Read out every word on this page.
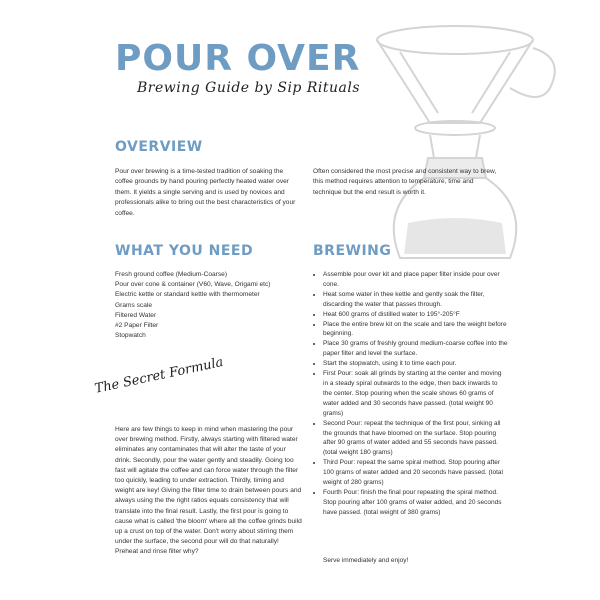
POUR OVER

Brewing Guide by Sip Rituals

OVERVIEW

Pour over brewing is a time-tested tradition of soaking the coffee grounds by hand pouring perfectly heated water over them. It yields a single serving and is used by novices and professionals alike to bring out the best characteristics of your coffee.

Often considered the most precise and consistent way to brew, this method requires attention to temperature, time and technique but the end result is worth it.

WHAT YOU NEED
Fresh ground coffee (Medium-Coarse)
Pour over cone & container (V60, Wave, Origami etc)
Electric kettle or standard kettle with thermometer
Grams scale
Filtered Water
#2 Paper Filter
Stopwatch

The Secret Formula

Here are few things to keep in mind when mastering the pour over brewing method. Firstly, always starting with filtered water eliminates any contaminates that will alter the taste of your drink. Secondly, pour the water gently and steadily. Going too fast will agitate the coffee and can force water through the filter too quickly, leading to under extraction. Thirdly, timing and weight are key! Giving the filter time to drain between pours and always using the the right ratios equals consistency that will translate into the final result. Lastly, the first pour is going to cause what is called 'the bloom' where all the coffee grinds build up a crust on top of the water. Don't worry about stirring them under the surface, the second pour will do that naturally! Preheat and rinse filter why?

BREWING
• Assemble pour over kit and place paper filter inside pour over cone.
• Heat some water in thee kettle and gently soak the filter, discarding the water that passes through.
• Heat 600 grams of distilled water to 195°-205°F
• Place the entire brew kit on the scale and tare the weight before beginning.
• Place 30 grams of freshly ground medium-coarse coffee into the paper filter and level the surface.
• Start the stopwatch, using it to time each pour.
• First Pour: soak all grinds by starting at the center and moving in a steady spiral outwards to the edge, then back inwards to the center. Stop pouring when the scale shows 60 grams of water added and 30 seconds have passed. (total weight 90 grams)
• Second Pour: repeat the technique of the first pour, sinking all the grounds that have bloomed on the surface. Stop pouring after 90 grams of water added and 55 seconds have passed. (total weight 180 grams)
• Third Pour: repeat the same spiral method. Stop pouring after 100 grams of water added and 20 seconds have passed. (total weight of 280 grams)
• Fourth Pour: finish the final pour repeating the spiral method. Stop pouring after 100 grams of water added, and 20 seconds have passed. (total weight of 380 grams)

Serve immediately and enjoy!
